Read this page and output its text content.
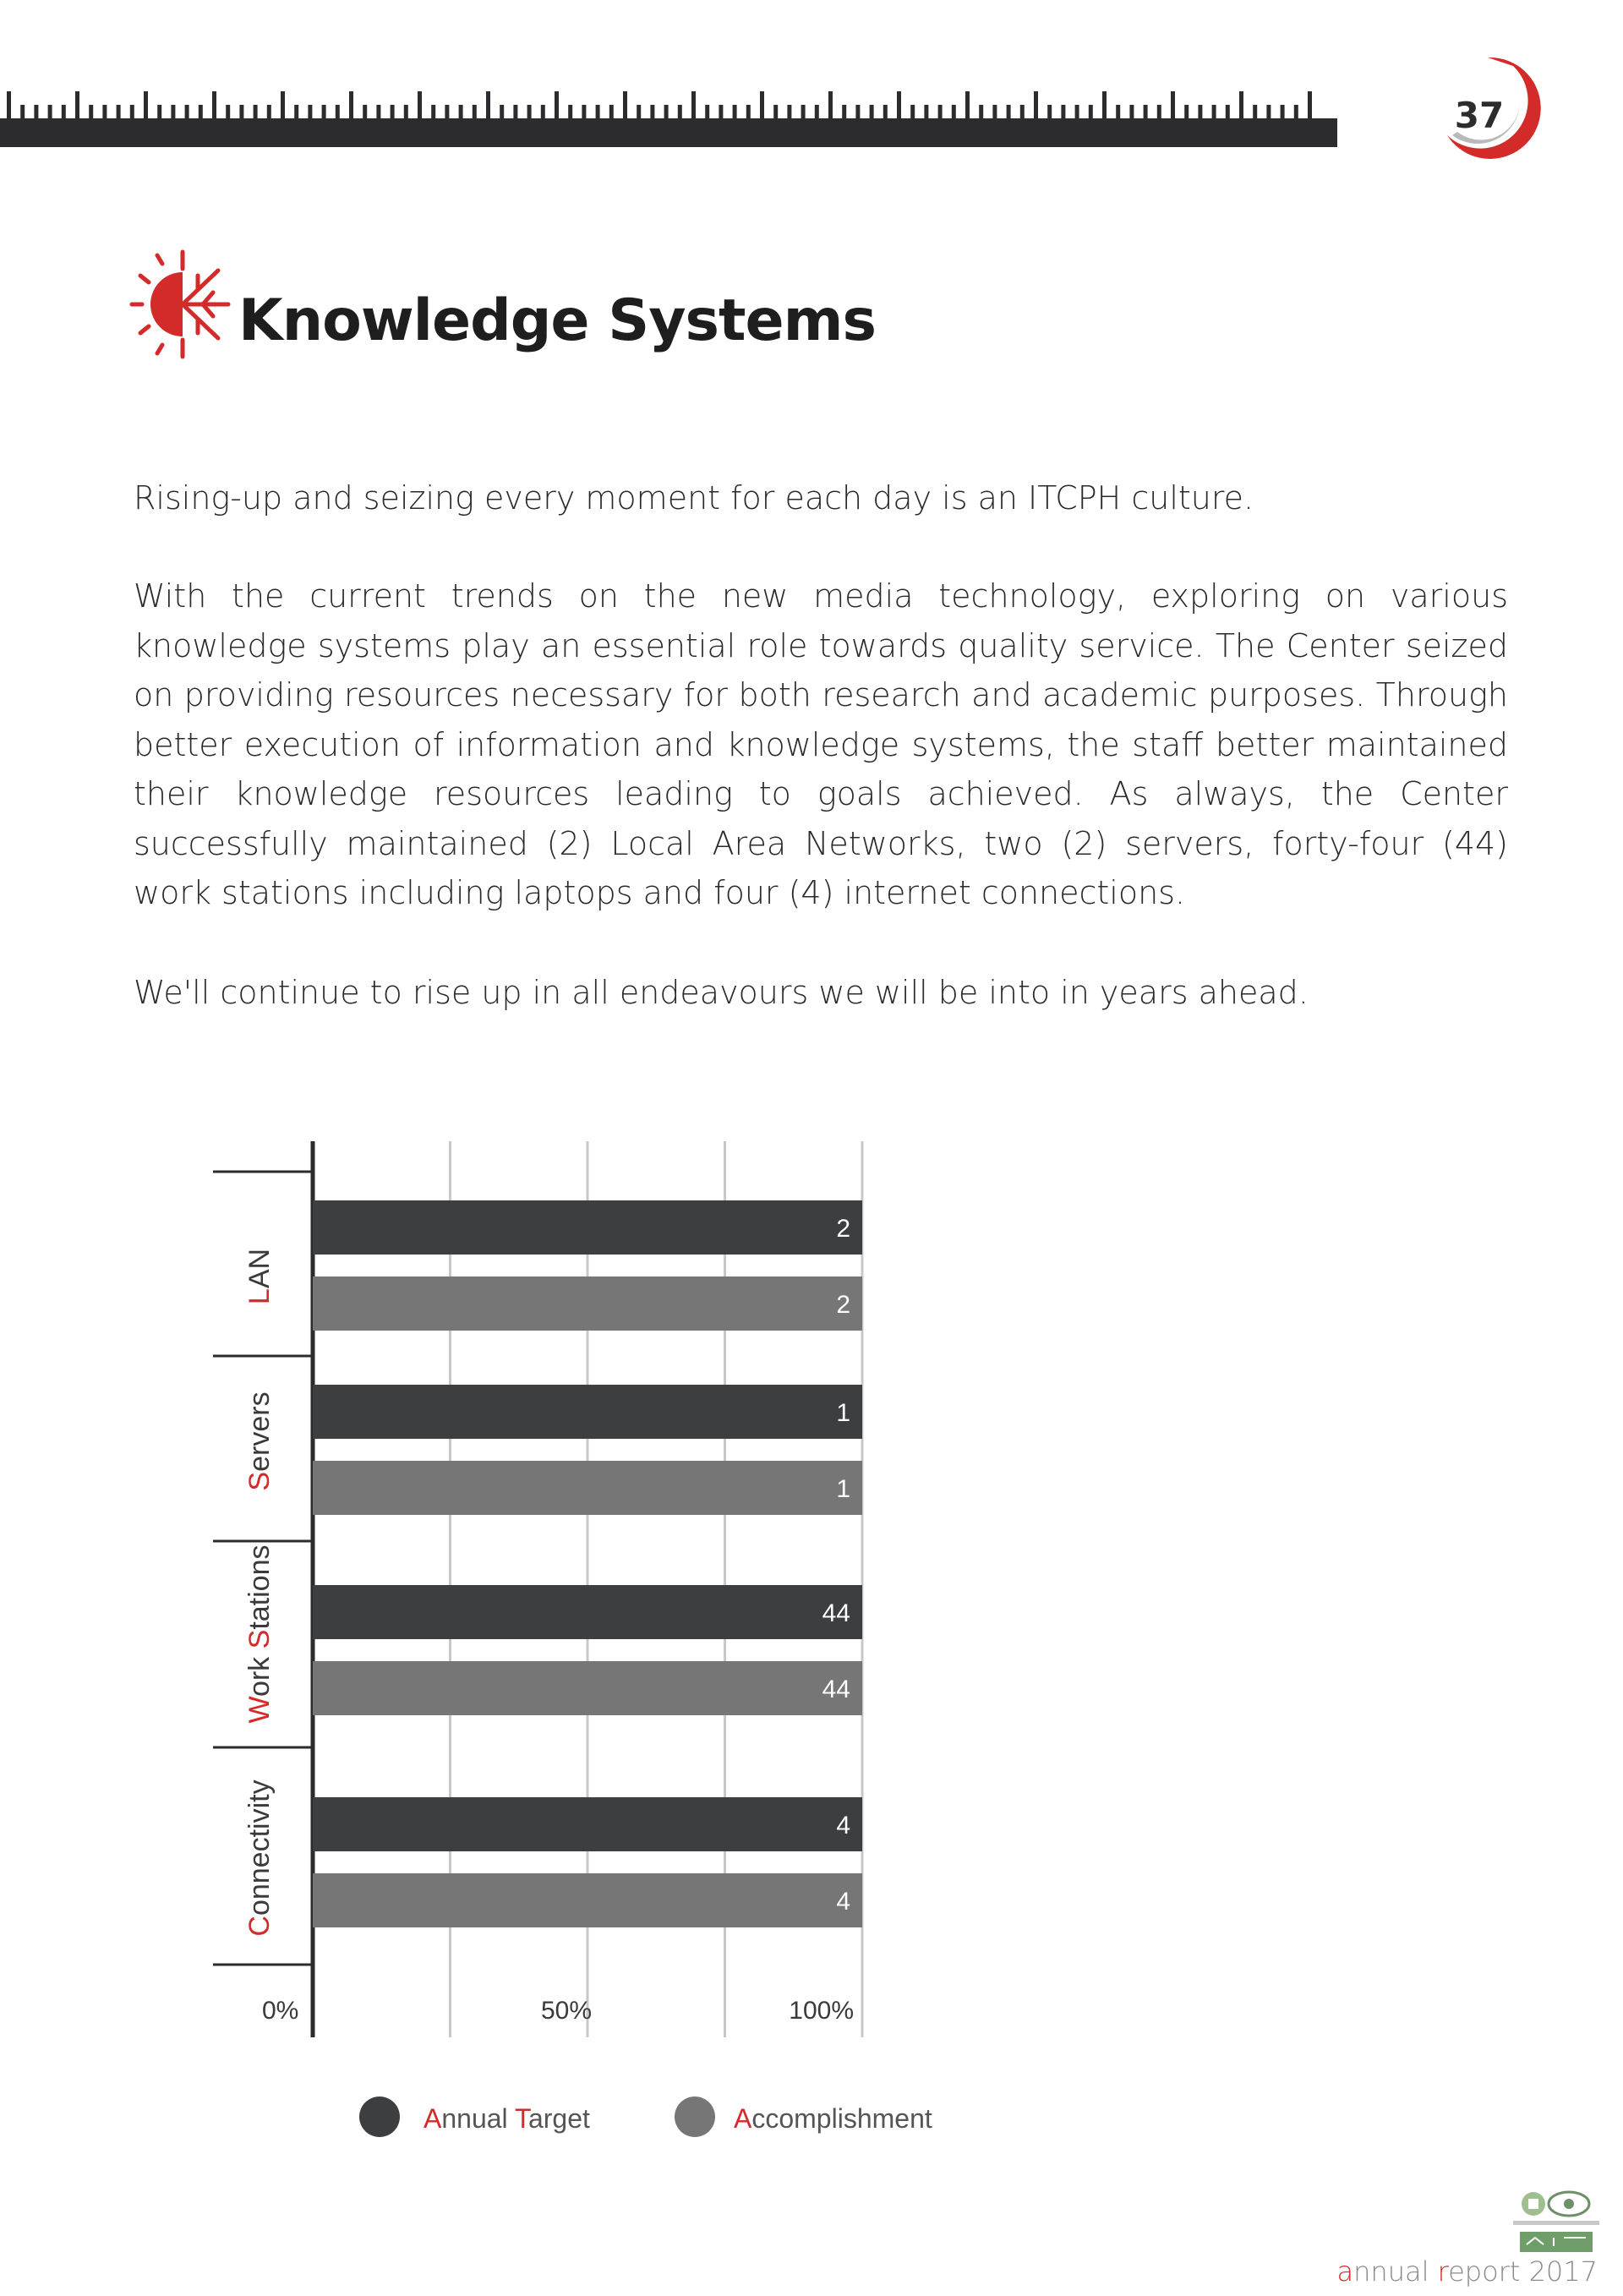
37
Knowledge Systems

Rising-up and seizing every moment for each day is an ITCPH culture.

With the current trends on the new media technology, exploring on various knowledge systems play an essential role towards quality service. The Center seized on providing resources necessary for both research and academic purposes. Through better execution of information and knowledge systems, the staff better maintained their knowledge resources leading to goals achieved. As always, the Center successfully maintained (2) Local Area Networks, two (2) servers, forty-four (44) work stations including laptops and four (4) internet connections.

We'll continue to rise up in all endeavours we will be into in years ahead.

2
2
LAN
1
1
Servers
44
44
Work Stations
4
4
Connectivity
0%	50%	100%
Annual Target	Accomplishment
annual report 2017
